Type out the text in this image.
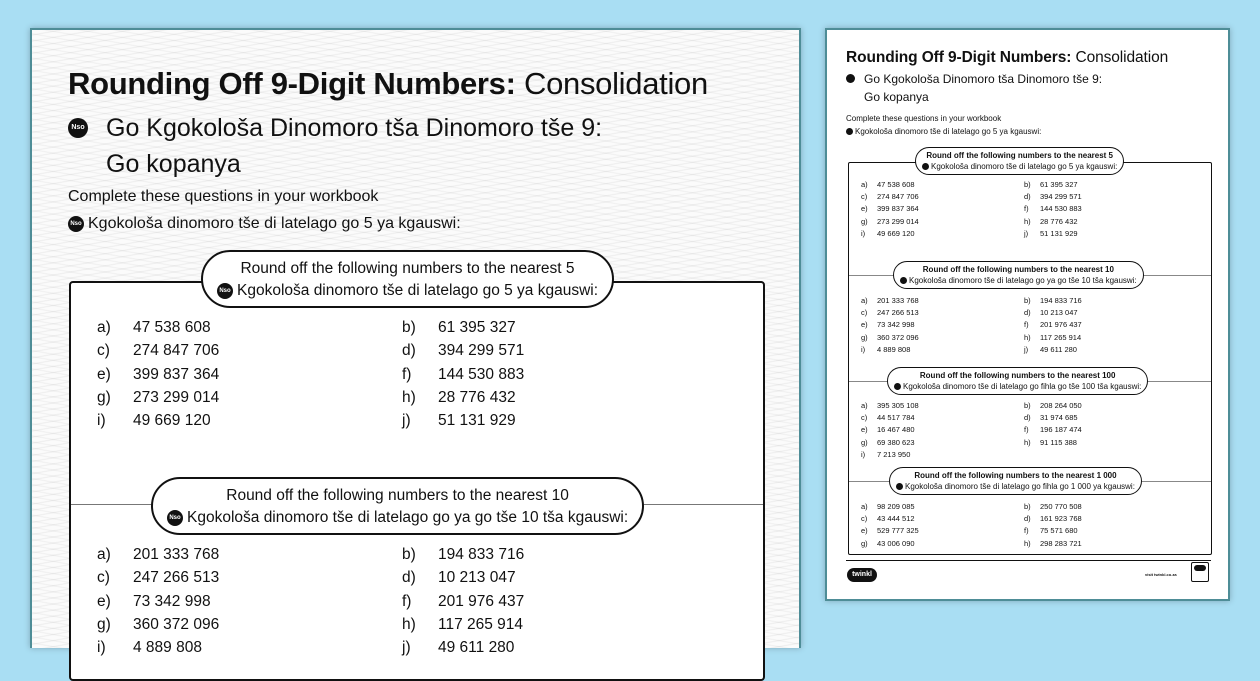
Rounding Off 9-Digit Numbers: Consolidation
Nso Go Kgokološa Dinomoro tša Dinomoro tše 9:
Go kopanya
Complete these questions in your workbook
Nso Kgokološa dinomoro tše di latelago go 5 ya kgauswi:
Round off the following numbers to the nearest 5
Nso Kgokološa dinomoro tše di latelago go 5 ya kgauswi:
a) 47 538 608	b) 61 395 327
c) 274 847 706	d) 394 299 571
e) 399 837 364	f) 144 530 883
g) 273 299 014	h) 28 776 432
i) 49 669 120	j) 51 131 929
Round off the following numbers to the nearest 10
Nso Kgokološa dinomoro tše di latelago go ya go tše 10 tša kgauswi:
a) 201 333 768	b) 194 833 716
c) 247 266 513	d) 10 213 047
e) 73 342 998	f) 201 976 437
g) 360 372 096	h) 117 265 914
i) 4 889 808	j) 49 611 280
Rounding Off 9-Digit Numbers: Consolidation
Go Kgokološa Dinomoro tša Dinomoro tše 9:
Go kopanya
Complete these questions in your workbook
Kgokološa dinomoro tše di latelago go 5 ya kgauswi:
Round off the following numbers to the nearest 5
Kgokološa dinomoro tše di latelago go 5 ya kgauswi:
a) 47 538 608	b) 61 395 327
c) 274 847 706	d) 394 299 571
e) 399 837 364	f) 144 530 883
g) 273 299 014	h) 28 776 432
i) 49 669 120	j) 51 131 929
Round off the following numbers to the nearest 10
Kgokološa dinomoro tše di latelago go ya go tše 10 tša kgauswi:
a) 201 333 768	b) 194 833 716
c) 247 266 513	d) 10 213 047
e) 73 342 998	f) 201 976 437
g) 360 372 096	h) 117 265 914
i) 4 889 808	j) 49 611 280
Round off the following numbers to the nearest 100
Kgokološa dinomoro tše di latelago go fihla go tše 100 tša kgauswi:
a) 395 305 108	b) 208 264 050
c) 44 517 784	d) 31 974 685
e) 16 467 480	f) 196 187 474
g) 69 380 623	h) 91 115 388
i) 7 213 950
Round off the following numbers to the nearest 1 000
Kgokološa dinomoro tše di latelago go fihla go 1 000 ya kgauswi:
a) 98 209 085	b) 250 770 508
c) 43 444 512	d) 161 923 768
e) 529 777 325	f) 75 571 680
g) 43 006 090	h) 298 283 721
twinkl	visit twinkl.co.za
